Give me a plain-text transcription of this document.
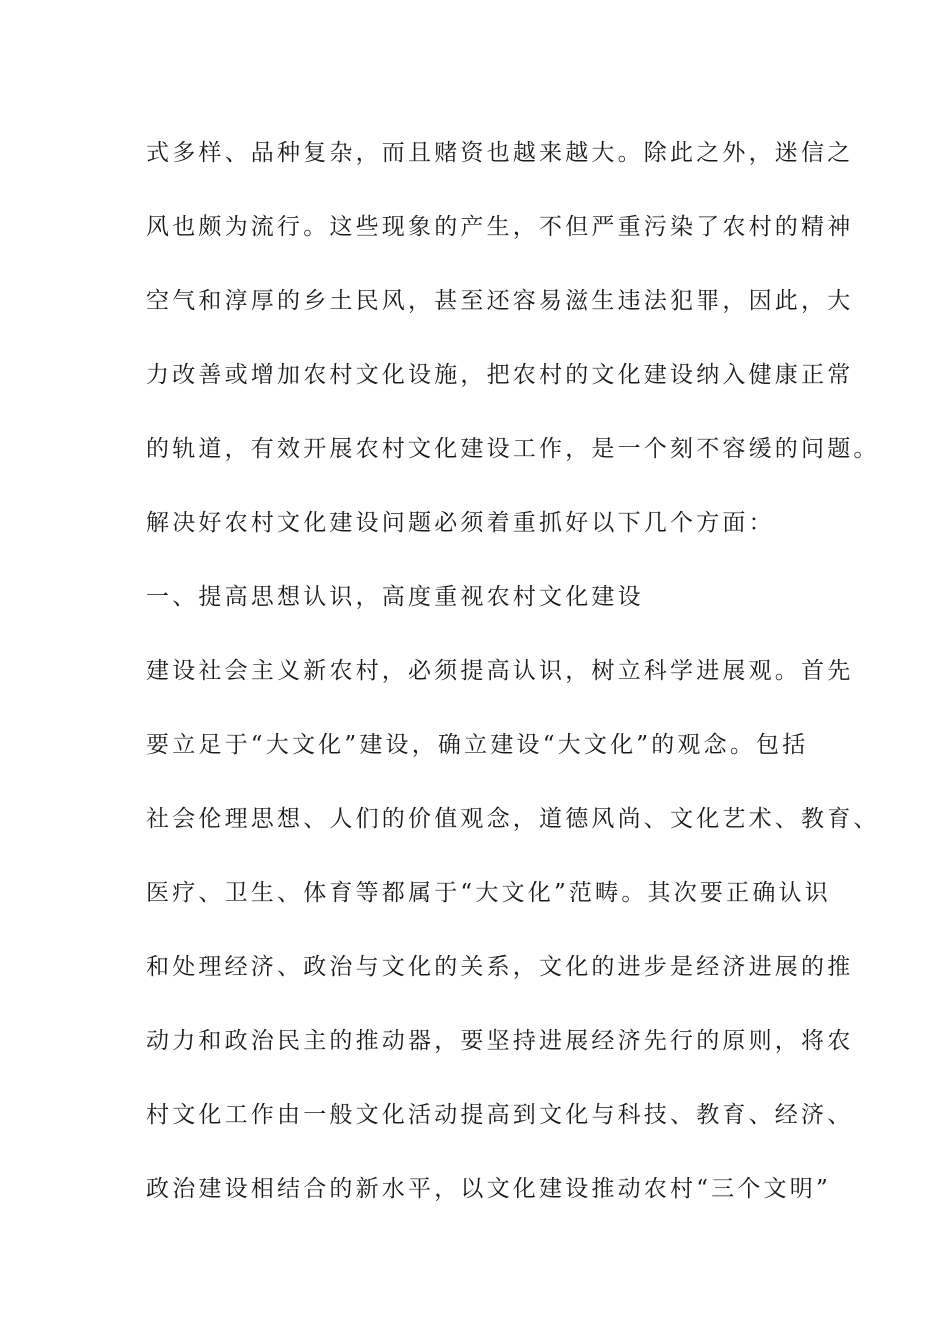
式多样、品种复杂，而且赌资也越来越大。除此之外，迷信之
风也颇为流行。这些现象的产生，不但严重污染了农村的精神
空气和淳厚的乡土民风，甚至还容易滋生违法犯罪，因此，大
力改善或增加农村文化设施，把农村的文化建设纳入健康正常
的轨道，有效开展农村文化建设工作，是一个刻不容缓的问题。
解决好农村文化建设问题必须着重抓好以下几个方面：
一、提高思想认识，高度重视农村文化建设
建设社会主义新农村，必须提高认识，树立科学进展观。首先
要立足于“大文化”建设，确立建设“大文化”的观念。包括
社会伦理思想、人们的价值观念，道德风尚、文化艺术、教育、
医疗、卫生、体育等都属于“大文化”范畴。其次要正确认识
和处理经济、政治与文化的关系，文化的进步是经济进展的推
动力和政治民主的推动器，要坚持进展经济先行的原则，将农
村文化工作由一般文化活动提高到文化与科技、教育、经济、
政治建设相结合的新水平，以文化建设推动农村“三个文明”
